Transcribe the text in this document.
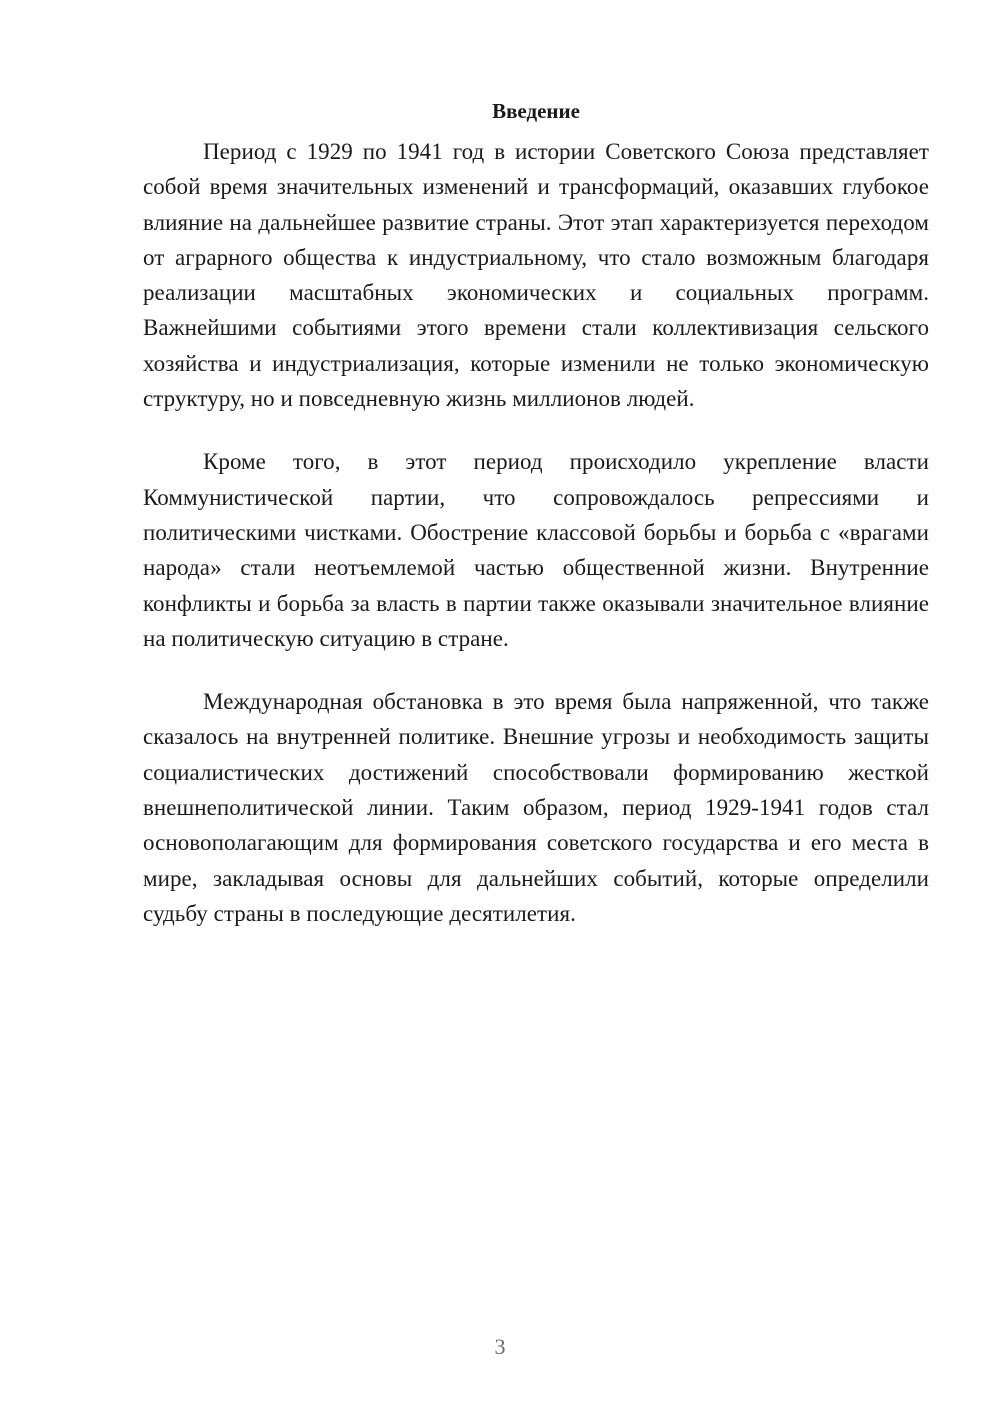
Введение

Период с 1929 по 1941 год в истории Советского Союза представляет собой время значительных изменений и трансформаций, оказавших глубокое влияние на дальнейшее развитие страны. Этот этап характеризуется переходом от аграрного общества к индустриальному, что стало возможным благодаря реализации масштабных экономических и социальных программ. Важнейшими событиями этого времени стали коллективизация сельского хозяйства и индустриализация, которые изменили не только экономическую структуру, но и повседневную жизнь миллионов людей.

Кроме того, в этот период происходило укрепление власти Коммунистической партии, что сопровождалось репрессиями и политическими чистками. Обострение классовой борьбы и борьба с «врагами народа» стали неотъемлемой частью общественной жизни. Внутренние конфликты и борьба за власть в партии также оказывали значительное влияние на политическую ситуацию в стране.

Международная обстановка в это время была напряженной, что также сказалось на внутренней политике. Внешние угрозы и необходимость защиты социалистических достижений способствовали формированию жесткой внешнеполитической линии. Таким образом, период 1929-1941 годов стал основополагающим для формирования советского государства и его места в мире, закладывая основы для дальнейших событий, которые определили судьбу страны в последующие десятилетия.

3
